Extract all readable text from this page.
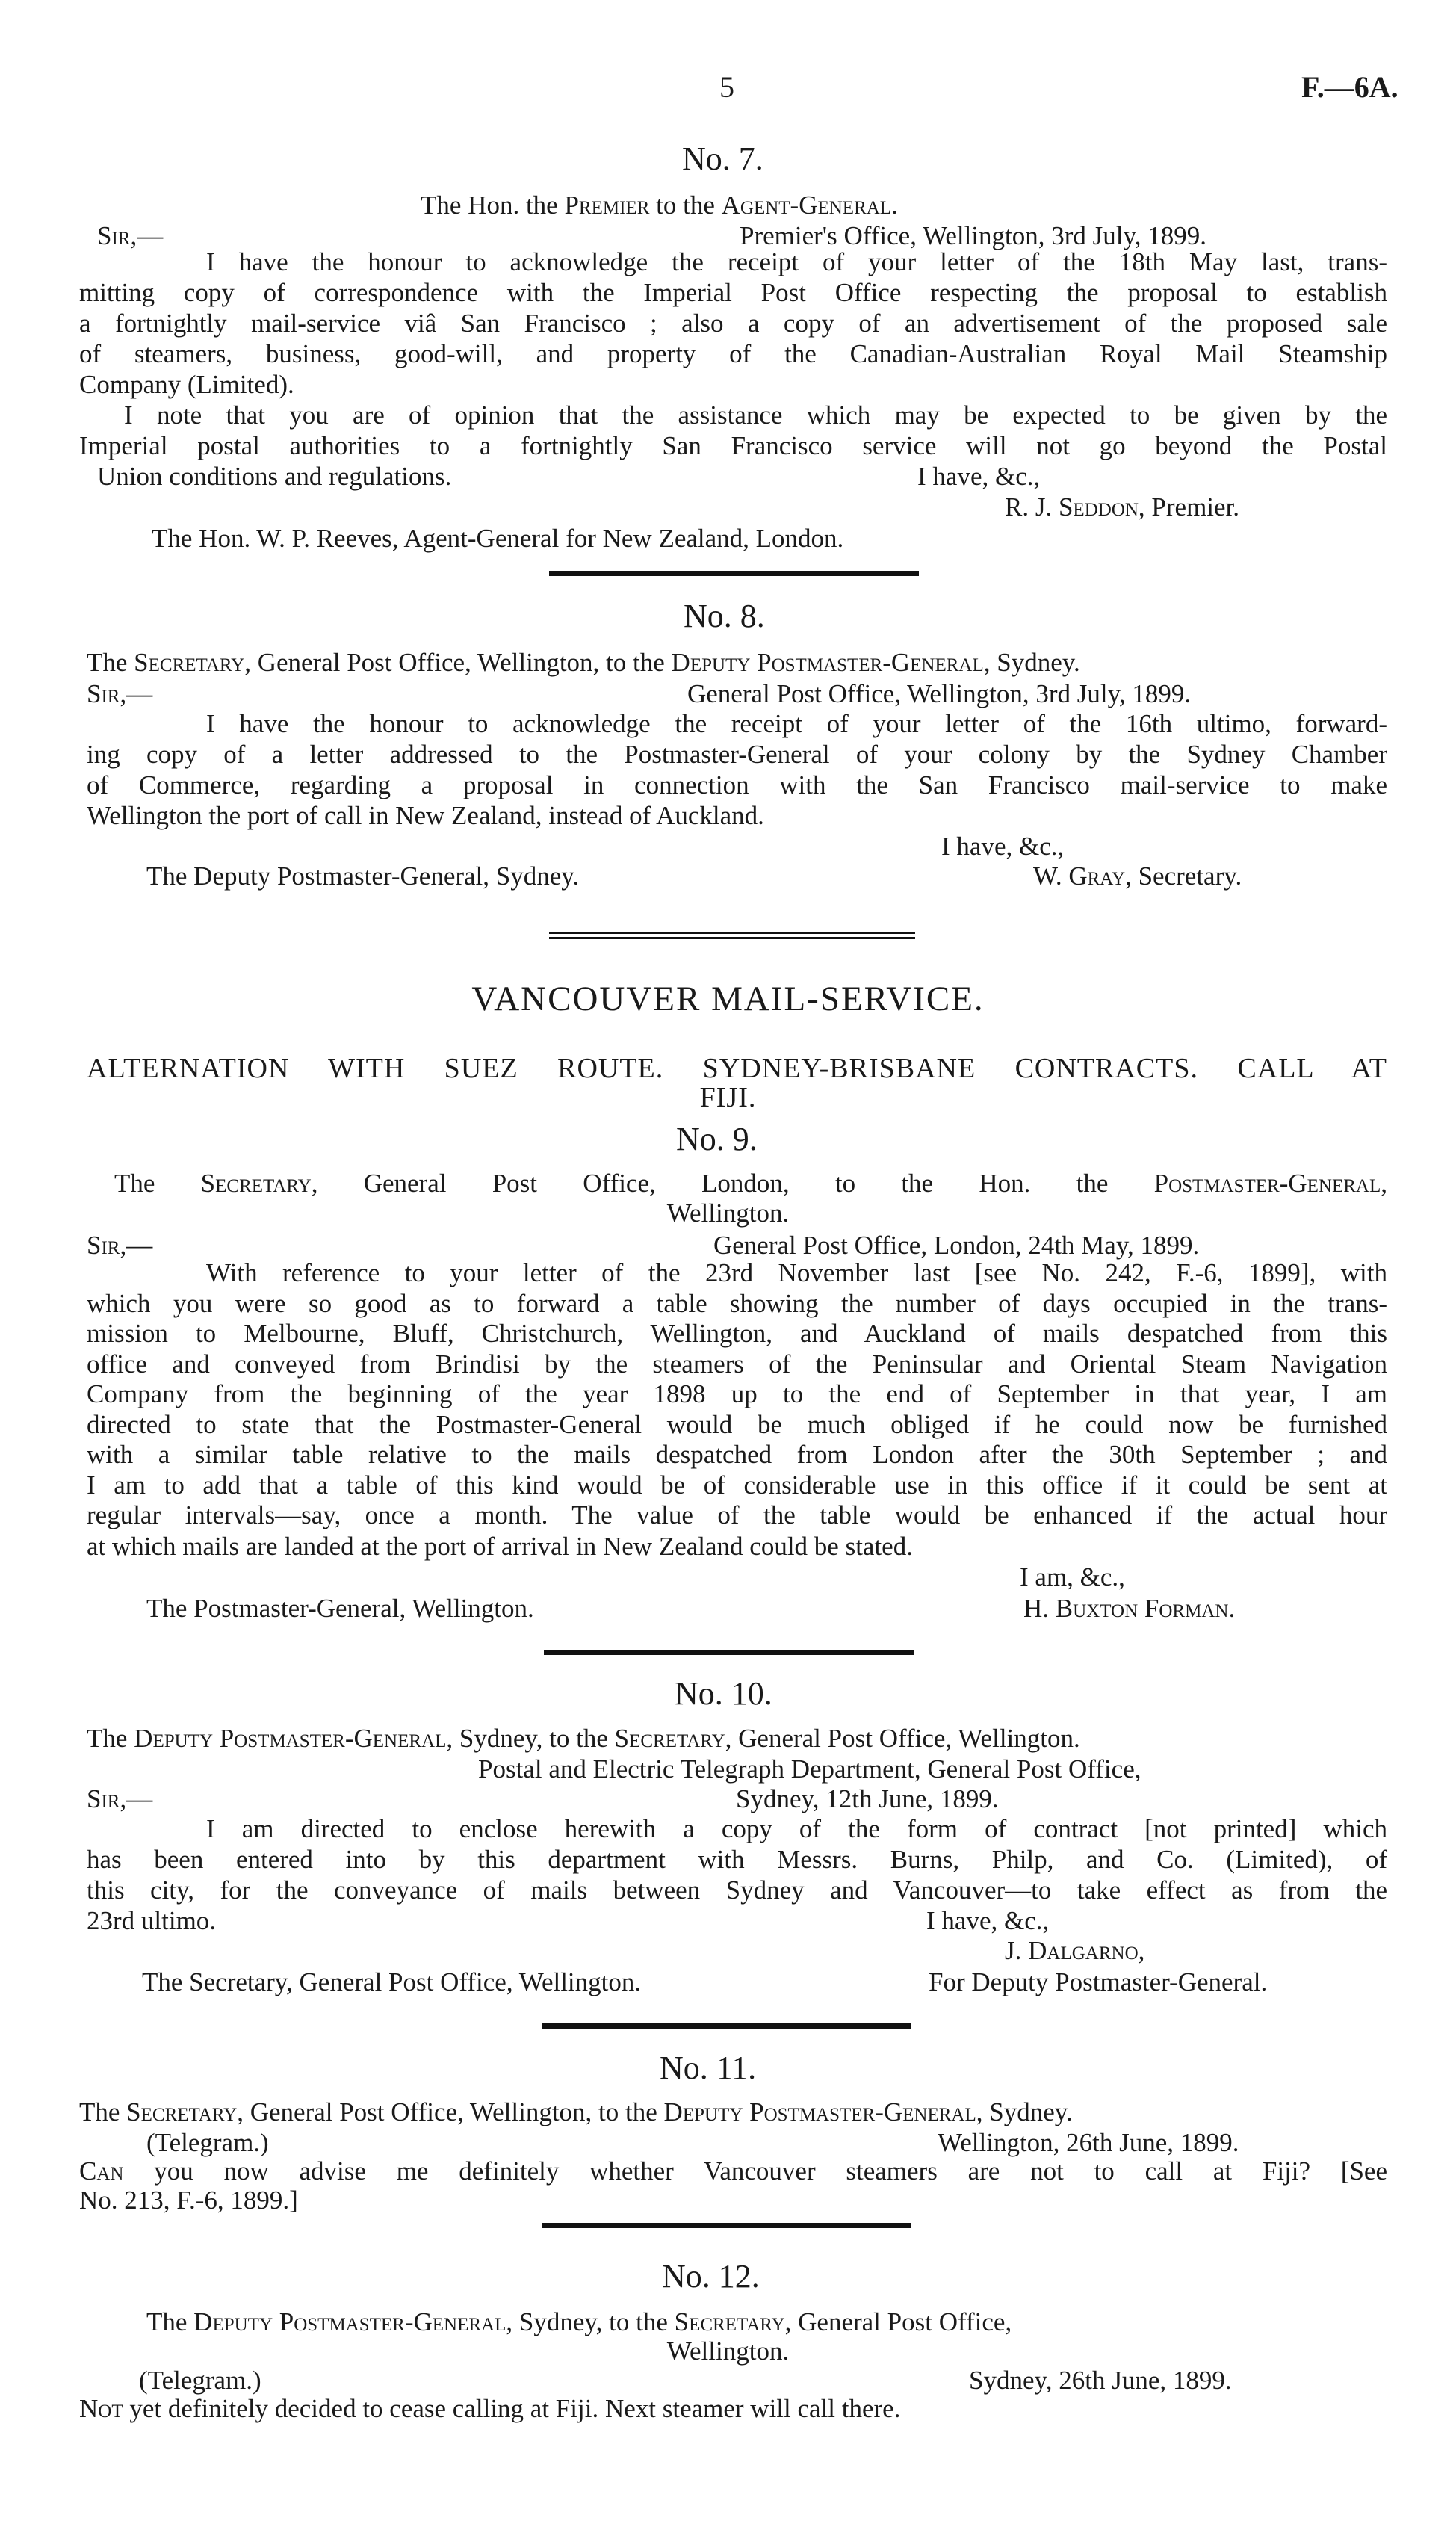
5	F.—6A.
No. 7.
The Hon. the Premier to the Agent-General.
Sir,—	Premier's Office, Wellington, 3rd July, 1899.
I have the honour to acknowledge the receipt of your letter of the 18th May last, trans-
mitting copy of correspondence with the Imperial Post Office respecting the proposal to establish
a fortnightly mail-service viâ San Francisco ; also a copy of an advertisement of the proposed sale
of steamers, business, good-will, and property of the Canadian-Australian Royal Mail Steamship
Company (Limited).
I note that you are of opinion that the assistance which may be expected to be given by the
Imperial postal authorities to a fortnightly San Francisco service will not go beyond the Postal
Union conditions and regulations.	I have, &c.,
R. J. Seddon, Premier.
The Hon. W. P. Reeves, Agent-General for New Zealand, London.
No. 8.
The Secretary, General Post Office, Wellington, to the Deputy Postmaster-General, Sydney.
Sir,—	General Post Office, Wellington, 3rd July, 1899.
I have the honour to acknowledge the receipt of your letter of the 16th ultimo, forward-
ing copy of a letter addressed to the Postmaster-General of your colony by the Sydney Chamber
of Commerce, regarding a proposal in connection with the San Francisco mail-service to make
Wellington the port of call in New Zealand, instead of Auckland.
I have, &c.,
The Deputy Postmaster-General, Sydney.	W. Gray, Secretary.
VANCOUVER MAIL-SERVICE.
ALTERNATION WITH SUEZ ROUTE. SYDNEY-BRISBANE CONTRACTS. CALL AT
FIJI.
No. 9.
The Secretary, General Post Office, London, to the Hon. the Postmaster-General,
Wellington.
Sir,—	General Post Office, London, 24th May, 1899.
With reference to your letter of the 23rd November last [see No. 242, F.-6, 1899], with
which you were so good as to forward a table showing the number of days occupied in the trans-
mission to Melbourne, Bluff, Christchurch, Wellington, and Auckland of mails despatched from this
office and conveyed from Brindisi by the steamers of the Peninsular and Oriental Steam Navigation
Company from the beginning of the year 1898 up to the end of September in that year, I am
directed to state that the Postmaster-General would be much obliged if he could now be furnished
with a similar table relative to the mails despatched from London after the 30th September ; and
I am to add that a table of this kind would be of considerable use in this office if it could be sent at
regular intervals—say, once a month. The value of the table would be enhanced if the actual hour
at which mails are landed at the port of arrival in New Zealand could be stated.
I am, &c.,
The Postmaster-General, Wellington.	H. Buxton Forman.
No. 10.
The Deputy Postmaster-General, Sydney, to the Secretary, General Post Office, Wellington.
Postal and Electric Telegraph Department, General Post Office,
Sir,—	Sydney, 12th June, 1899.
I am directed to enclose herewith a copy of the form of contract [not printed] which
has been entered into by this department with Messrs. Burns, Philp, and Co. (Limited), of
this city, for the conveyance of mails between Sydney and Vancouver—to take effect as from the
23rd ultimo.	I have, &c.,
J. Dalgarno,
The Secretary, General Post Office, Wellington.	For Deputy Postmaster-General.
No. 11.
The Secretary, General Post Office, Wellington, to the Deputy Postmaster-General, Sydney.
(Telegram.)	Wellington, 26th June, 1899.
Can you now advise me definitely whether Vancouver steamers are not to call at Fiji? [See
No. 213, F.-6, 1899.]
No. 12.
The Deputy Postmaster-General, Sydney, to the Secretary, General Post Office,
Wellington.
(Telegram.)	Sydney, 26th June, 1899.
Not yet definitely decided to cease calling at Fiji. Next steamer will call there.
